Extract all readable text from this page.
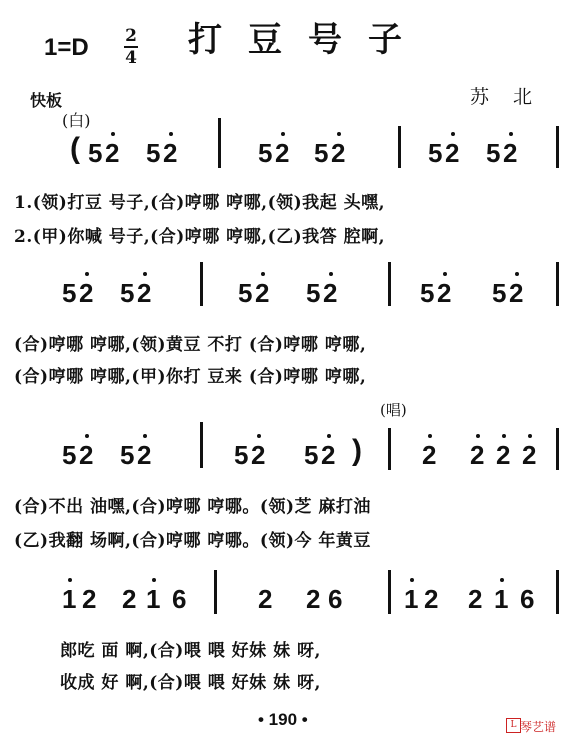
打豆号子
1=D 2
4
快板	苏北
(白)
(唱)
( 5 2 5 2	5 2 5 2	5 2 5 2
5 2 5 2	5 2 5 2	5 2 5 2
5 2 5 2	5 2 5 2 ) 2 2 2 2
1 2 2 1 6	2 2 6 1 2 2 1 6
1.(领)打豆 号子,(合)哼哪 哼哪,(领)我起 头嘿,
2.(甲)你喊 号子,(合)哼哪 哼哪,(乙)我答 腔啊,
(合)哼哪 哼哪,(领)黄豆 不打 (合)哼哪 哼哪,
(合)哼哪 哼哪,(甲)你打 豆来 (合)哼哪 哼哪,
(合)不出 油嘿,(合)哼哪 哼哪。(领)芝 麻打油
(乙)我翻 场啊,(合)哼哪 哼哪。(领)今 年黄豆
郎吃 面 啊,(合)喂 喂 好妹 妹 呀,
收成 好 啊,(合)喂 喂 好妹 妹 呀,
• 190 •	L 琴艺谱
